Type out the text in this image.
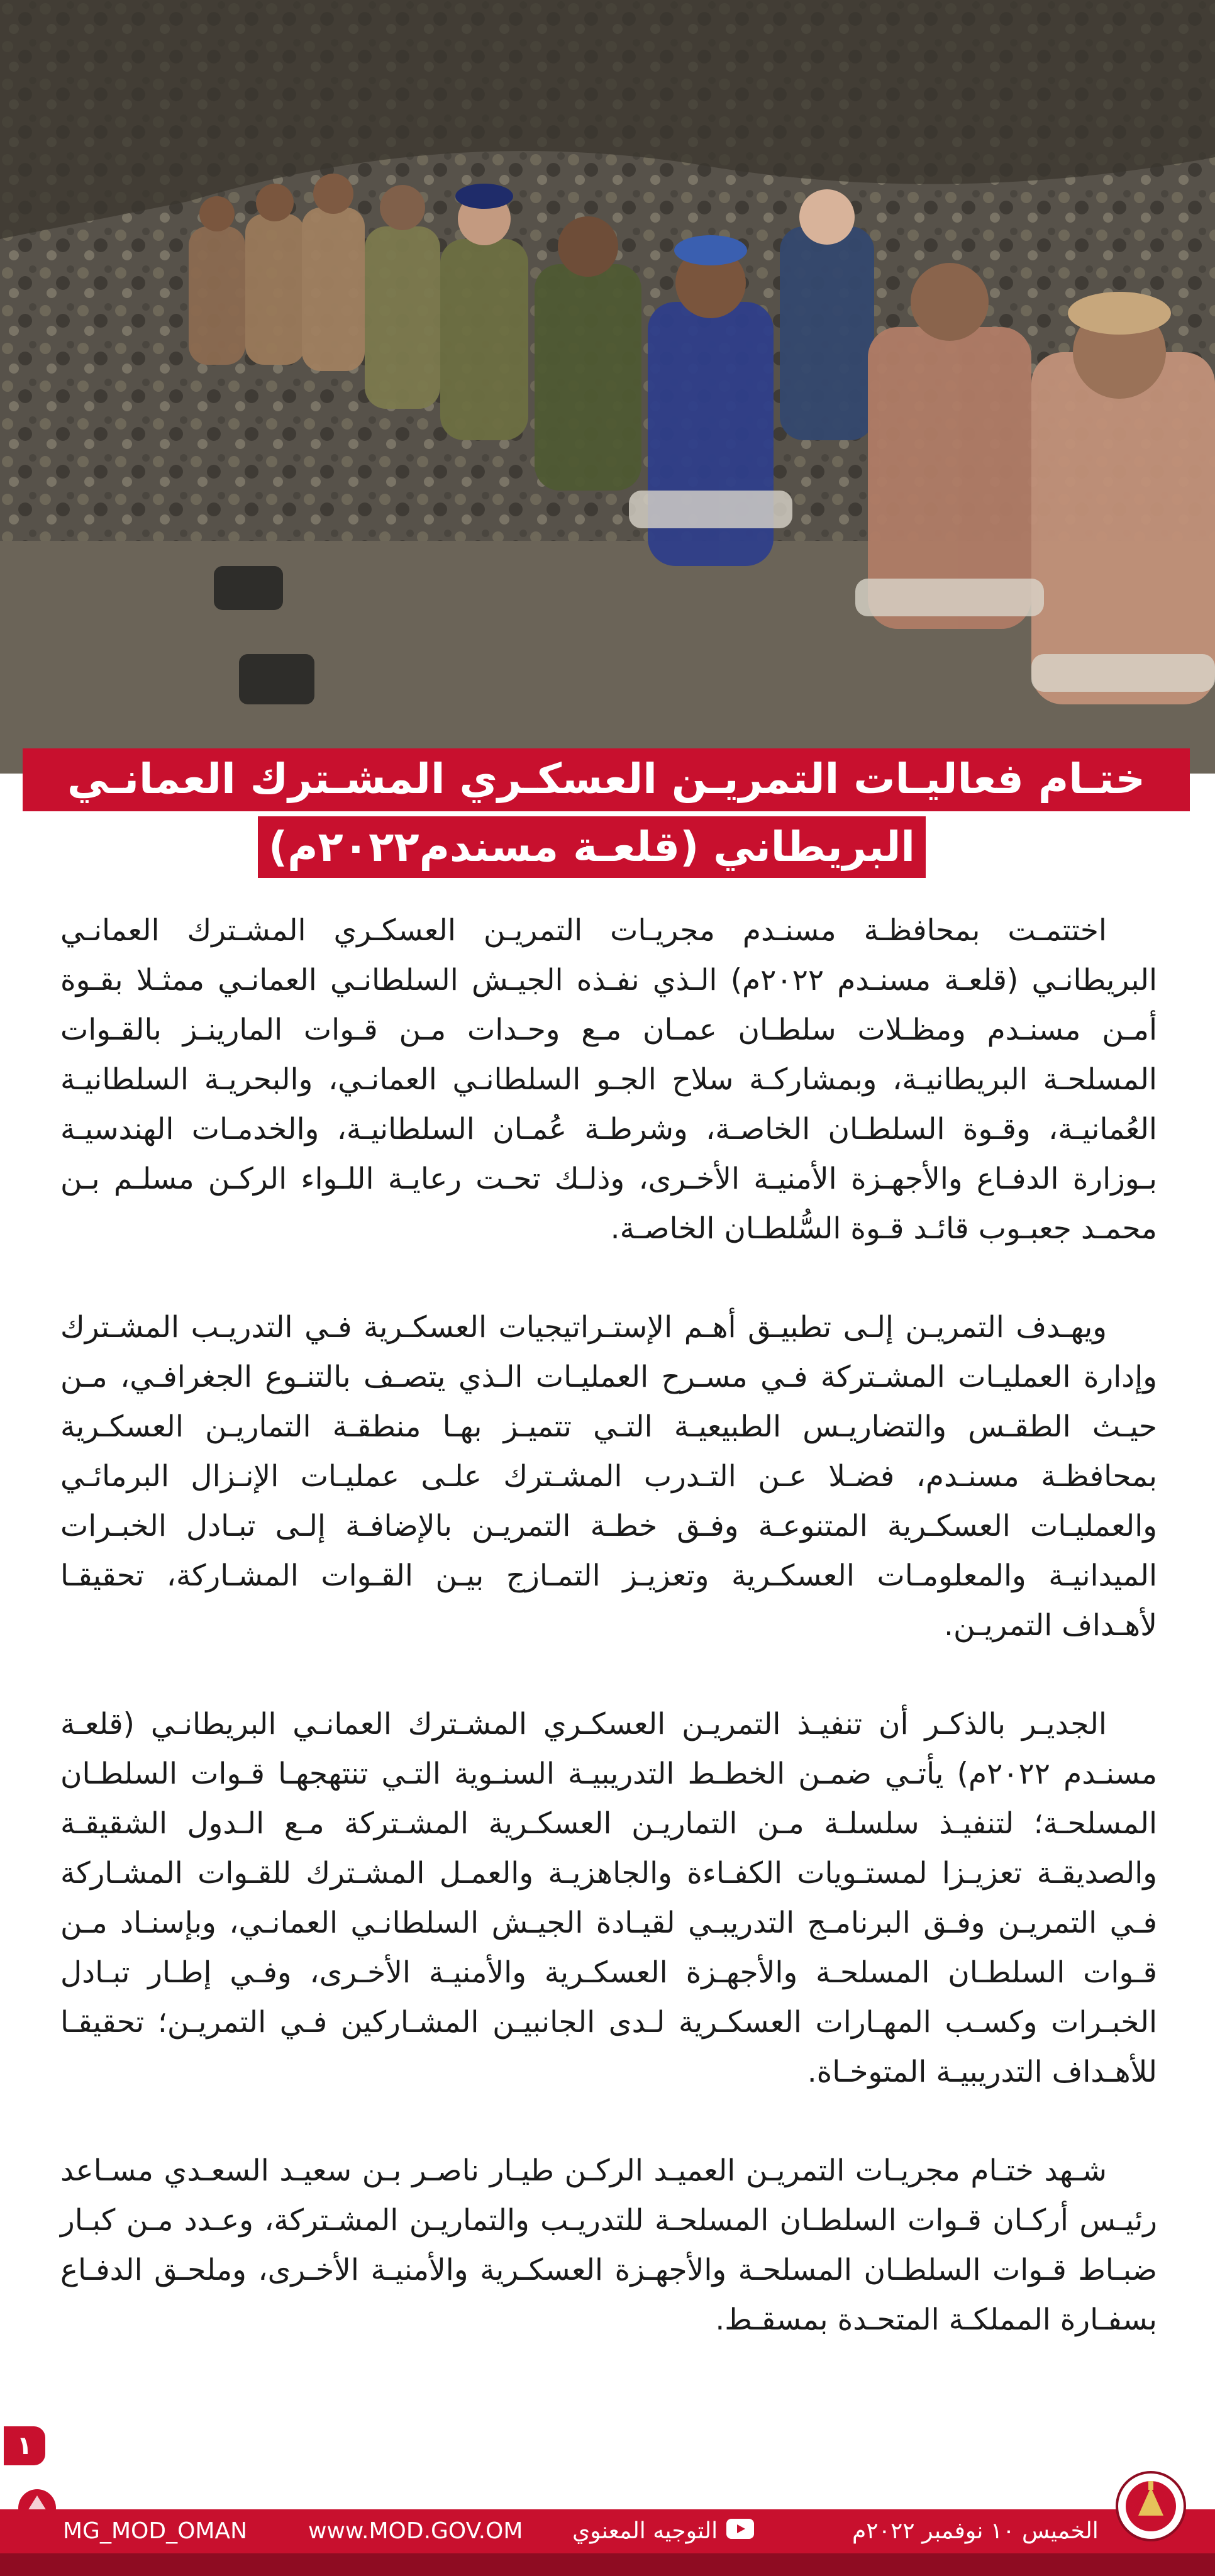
ختـام فعاليـات التمريـن العسكـري المشـترك العمانـي
البريطاني (قلعـة مسندم٢٠٢٢م)

اختتمـت بمحافظـة مسنـدم مجريـات التمريـن العسكـري المشـترك العمانـي البريطانـي (قلعـة مسنـدم ٢٠٢٢م) الـذي نفـذه الجيـش السلطانـي العمانـي ممثـلا بقـوة أمـن مسنـدم ومظـلات سلطـان عمـان مـع وحـدات مـن قـوات المارينـز بالقـوات المسلحـة البريطانيـة، وبمشاركـة سلاح الجـو السلطانـي العمانـي، والبحريـة السلطانيـة العُمانيـة، وقـوة السلطـان الخاصـة، وشرطـة عُمـان السلطانيـة، والخدمـات الهندسيـة بـوزارة الدفـاع والأجهـزة الأمنيـة الأخـرى، وذلـك تحـت رعايـة اللـواء الركـن مسلـم بـن محمـد جعبـوب قائـد قـوة السُّلطـان الخاصـة.

ويهـدف التمريـن إلـى تطبيـق أهـم الإستـراتيجيات العسكـرية فـي التدريـب المشـترك وإدارة العمليـات المشـتركة فـي مسـرح العمليـات الـذي يتصـف بالتنـوع الجغرافـي، مـن حيـث الطقـس والتضاريـس الطبيعيـة التـي تتميـز بهـا منطقـة التماريـن العسكـرية بمحافظـة مسنـدم، فضـلا عـن التـدرب المشـترك علـى عمليـات الإنـزال البرمائـي والعمليـات العسكـرية المتنوعـة وفـق خطـة التمريـن بالإضافـة إلـى تبـادل الخبـرات الميدانيـة والمعلومـات العسكـرية وتعزيـز التمـازج بيـن القـوات المشـاركة، تحقيقـا لأهـداف التمريـن.

الجديـر بالذكـر أن تنفيـذ التمريـن العسكـري المشـترك العمانـي البريطانـي (قلعـة مسنـدم ٢٠٢٢م) يأتـي ضمـن الخطـط التدريبيـة السنـوية التـي تنتهجهـا قـوات السلطـان المسلحـة؛ لتنفيـذ سلسلـة مـن التماريـن العسكـرية المشـتركة مـع الـدول الشقيقـة والصديقـة تعزيـزا لمستـويات الكفـاءة والجاهزيـة والعمـل المشـترك للقـوات المشـاركة فـي التمريـن وفـق البرنامـج التدريبـي لقيـادة الجيـش السلطانـي العمانـي، وبإسنـاد مـن قـوات السلطـان المسلحـة والأجهـزة العسكـرية والأمنيـة الأخـرى، وفـي إطـار تبـادل الخبـرات وكسـب المهـارات العسكـرية لـدى الجانبيـن المشـاركين فـي التمريـن؛ تحقيقـا للأهـداف التدريبيـة المتوخـاة.

شـهد ختـام مجريـات التمريـن العميـد الركـن طيـار ناصـر بـن سعيـد السعـدي مسـاعد رئيـس أركـان قـوات السلطـان المسلحـة للتدريـب والتماريـن المشـتركة، وعـدد مـن كبـار ضبـاط قـوات السلطـان المسلحـة والأجهـزة العسكـرية والأمنيـة الأخـرى، وملحـق الدفـاع بسفـارة المملكـة المتحـدة بمسقـط.

١
MG_MOD_OMAN	www.MOD.GOV.OM التوجيه المعنوي	الخميس ١٠ نوفمبر ٢٠٢٢م
